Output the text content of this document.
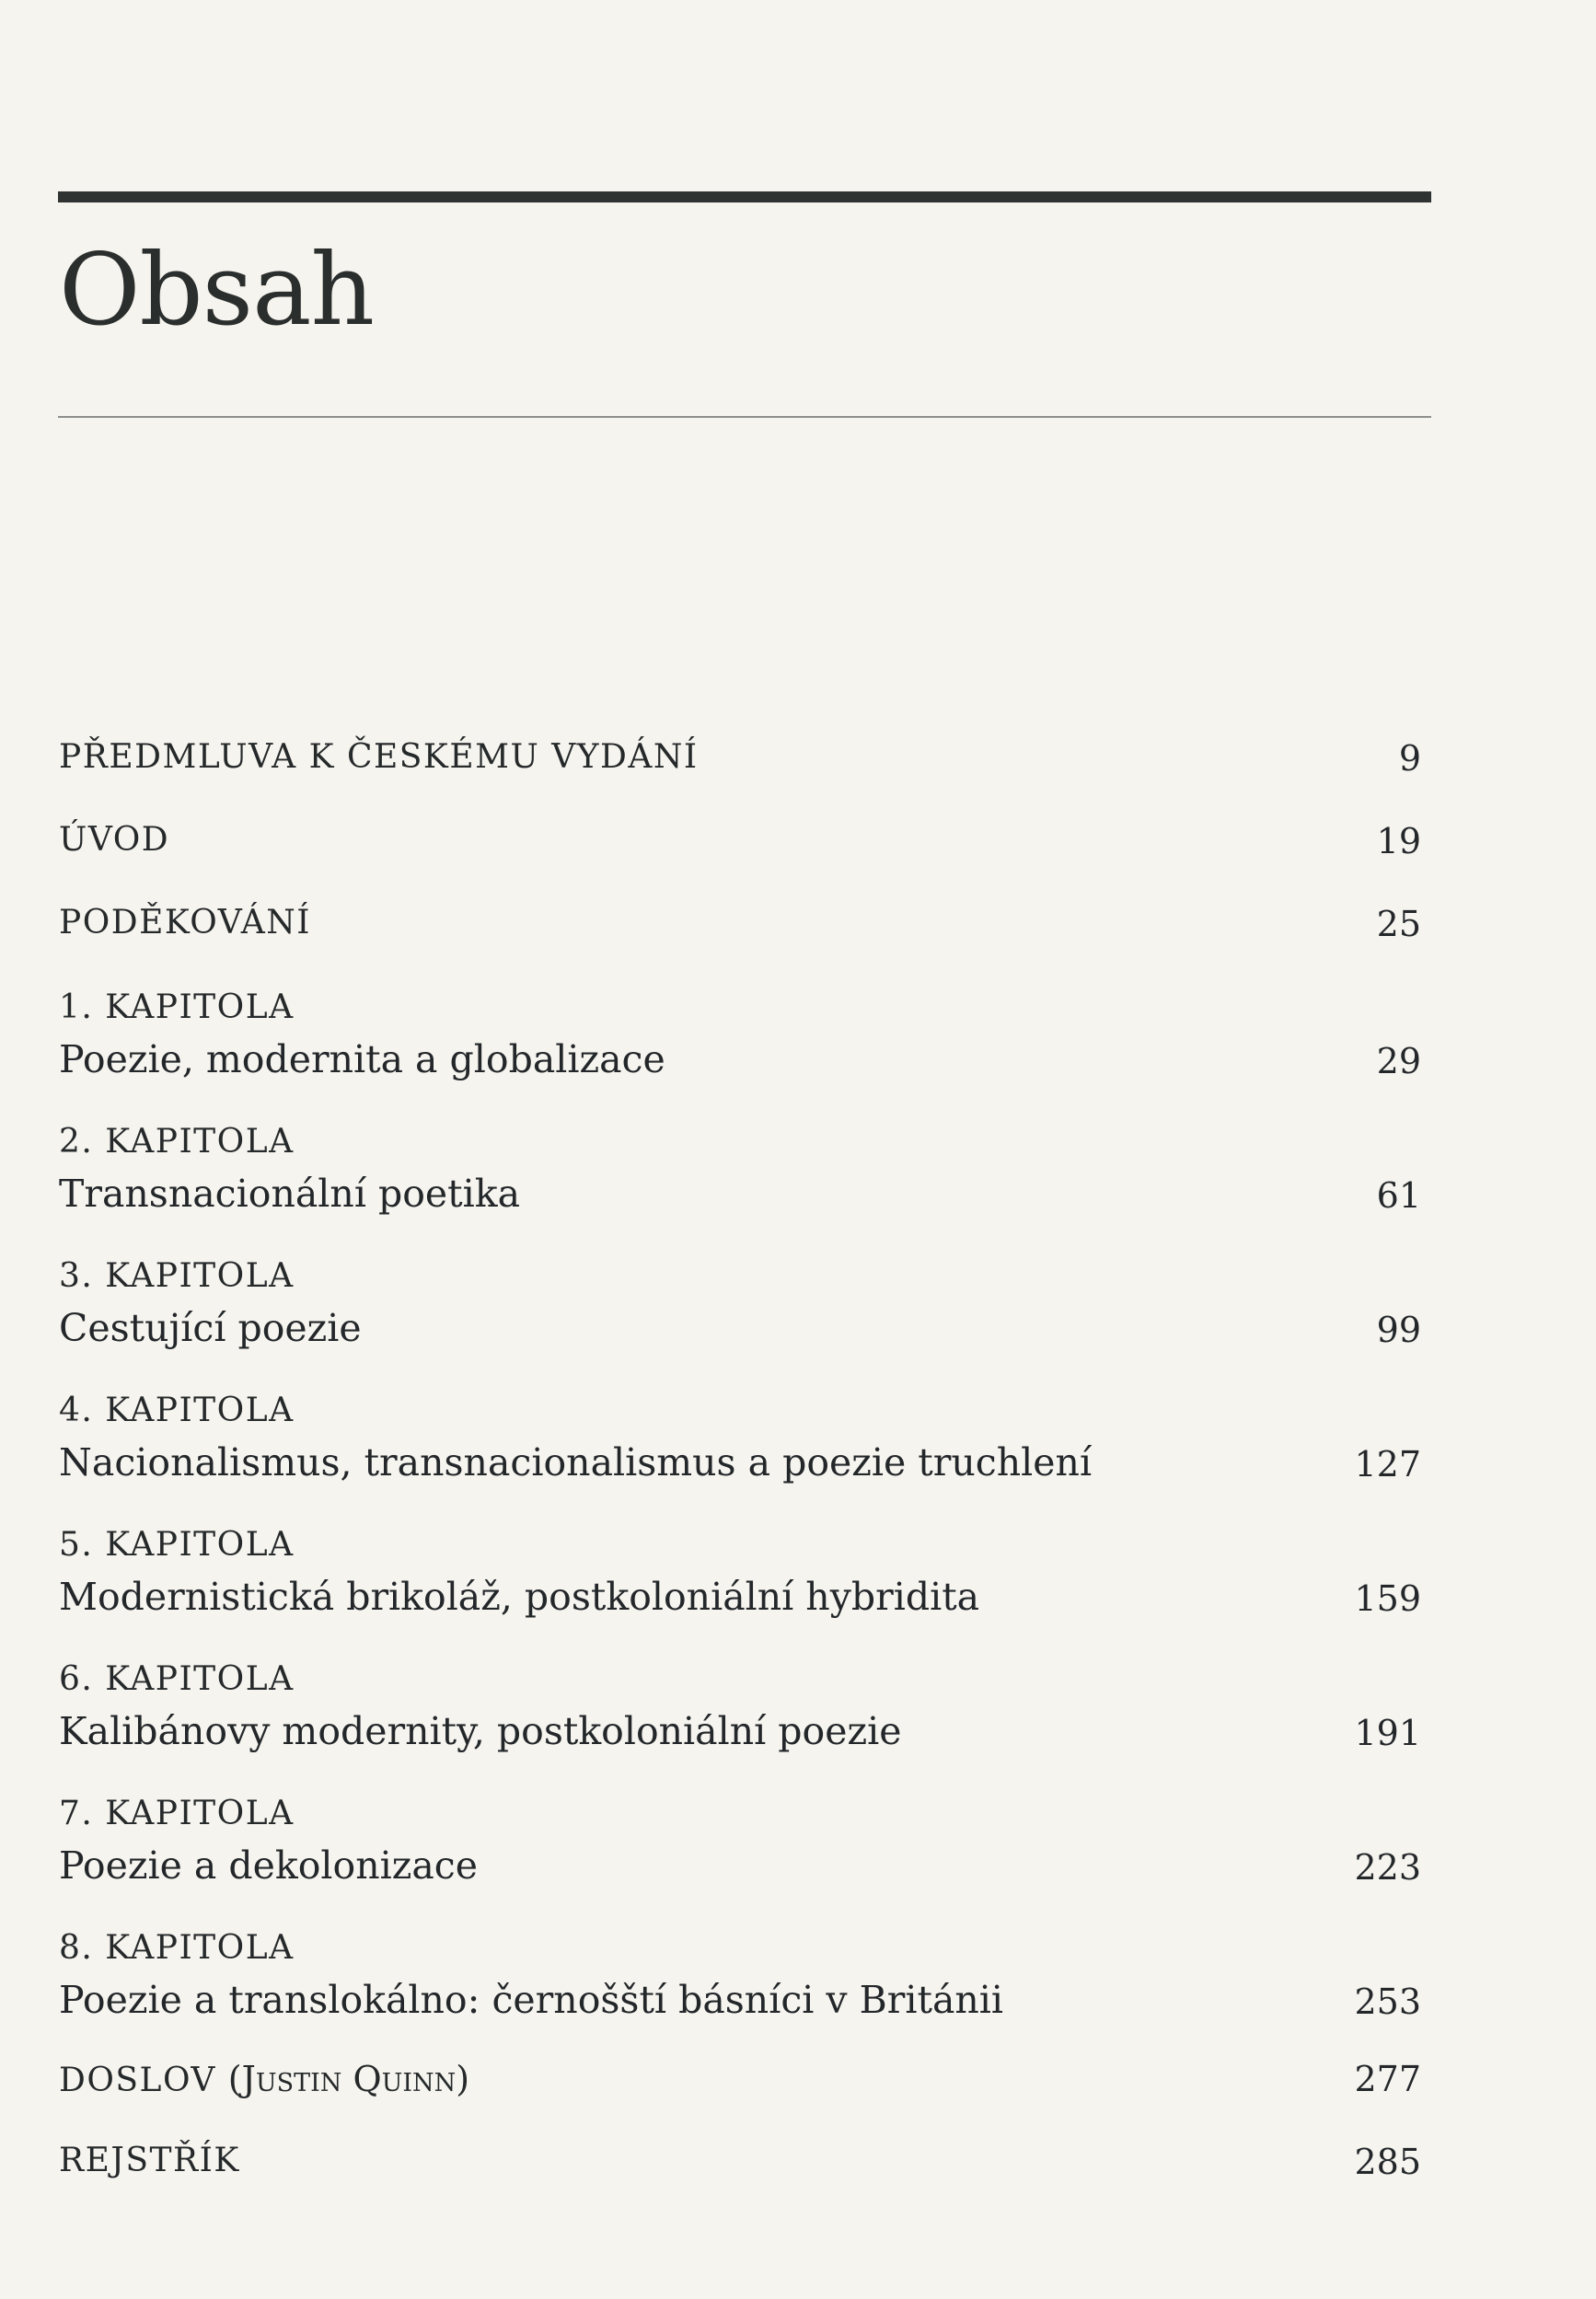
Obsah
PŘEDMLUVA K ČESKÉMU VYDÁNÍ	9
ÚVOD	19
PODĚKOVÁNÍ	25
1. KAPITOLA
Poezie, modernita a globalizace	29
2. KAPITOLA
Transnacionální poetika	61
3. KAPITOLA
Cestující poezie	99
4. KAPITOLA
Nacionalismus, transnacionalismus a poezie truchlení	127
5. KAPITOLA
Modernistická brikoláž, postkoloniální hybridita	159
6. KAPITOLA
Kalibánovy modernity, postkoloniální poezie	191
7. KAPITOLA
Poezie a dekolonizace	223
8. KAPITOLA
Poezie a translokálno: černošští básníci v Británii	253
DOSLOV (Justin Quinn)	277
REJSTŘÍK	285
